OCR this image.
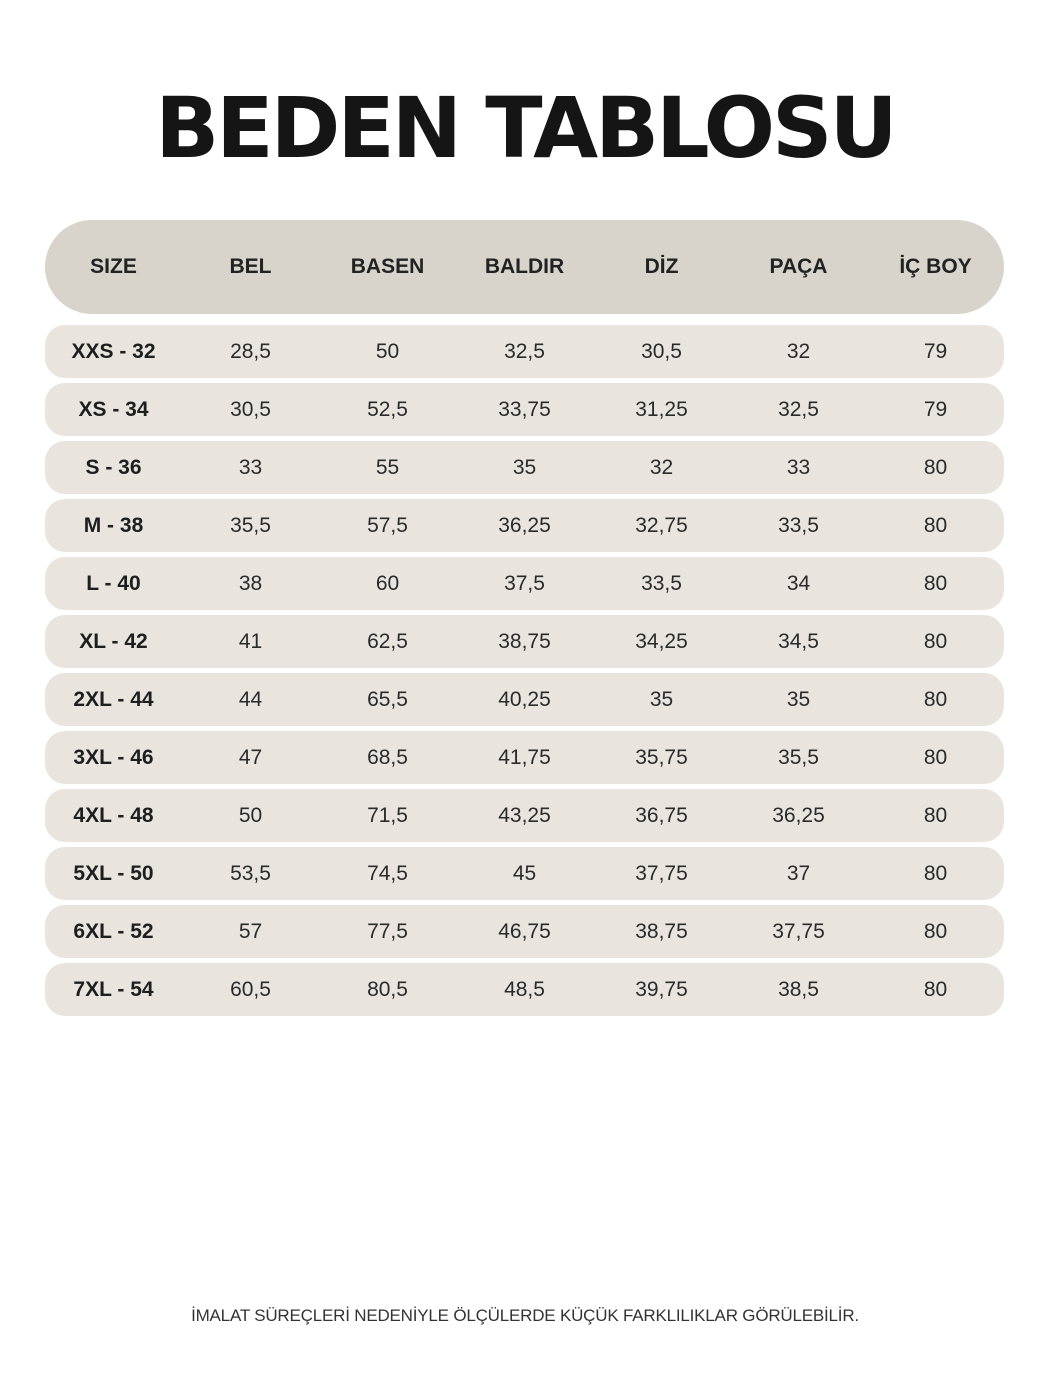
BEDEN TABLOSU
SIZE	BEL	BASEN	BALDIR	DİZ	PAÇA	İÇ BOY
XXS - 32	28,5	50	32,5	30,5	32	79
XS - 34	30,5	52,5	33,75	31,25	32,5	79
S - 36	33	55	35	32	33	80
M - 38	35,5	57,5	36,25	32,75	33,5	80
L - 40	38	60	37,5	33,5	34	80
XL - 42	41	62,5	38,75	34,25	34,5	80
2XL - 44	44	65,5	40,25	35	35	80
3XL - 46	47	68,5	41,75	35,75	35,5	80
4XL - 48	50	71,5	43,25	36,75	36,25	80
5XL - 50	53,5	74,5	45	37,75	37	80
6XL - 52	57	77,5	46,75	38,75	37,75	80
7XL - 54	60,5	80,5	48,5	39,75	38,5	80
İMALAT SÜREÇLERİ NEDENİYLE ÖLÇÜLERDE KÜÇÜK FARKLILIKLAR GÖRÜLEBİLİR.
